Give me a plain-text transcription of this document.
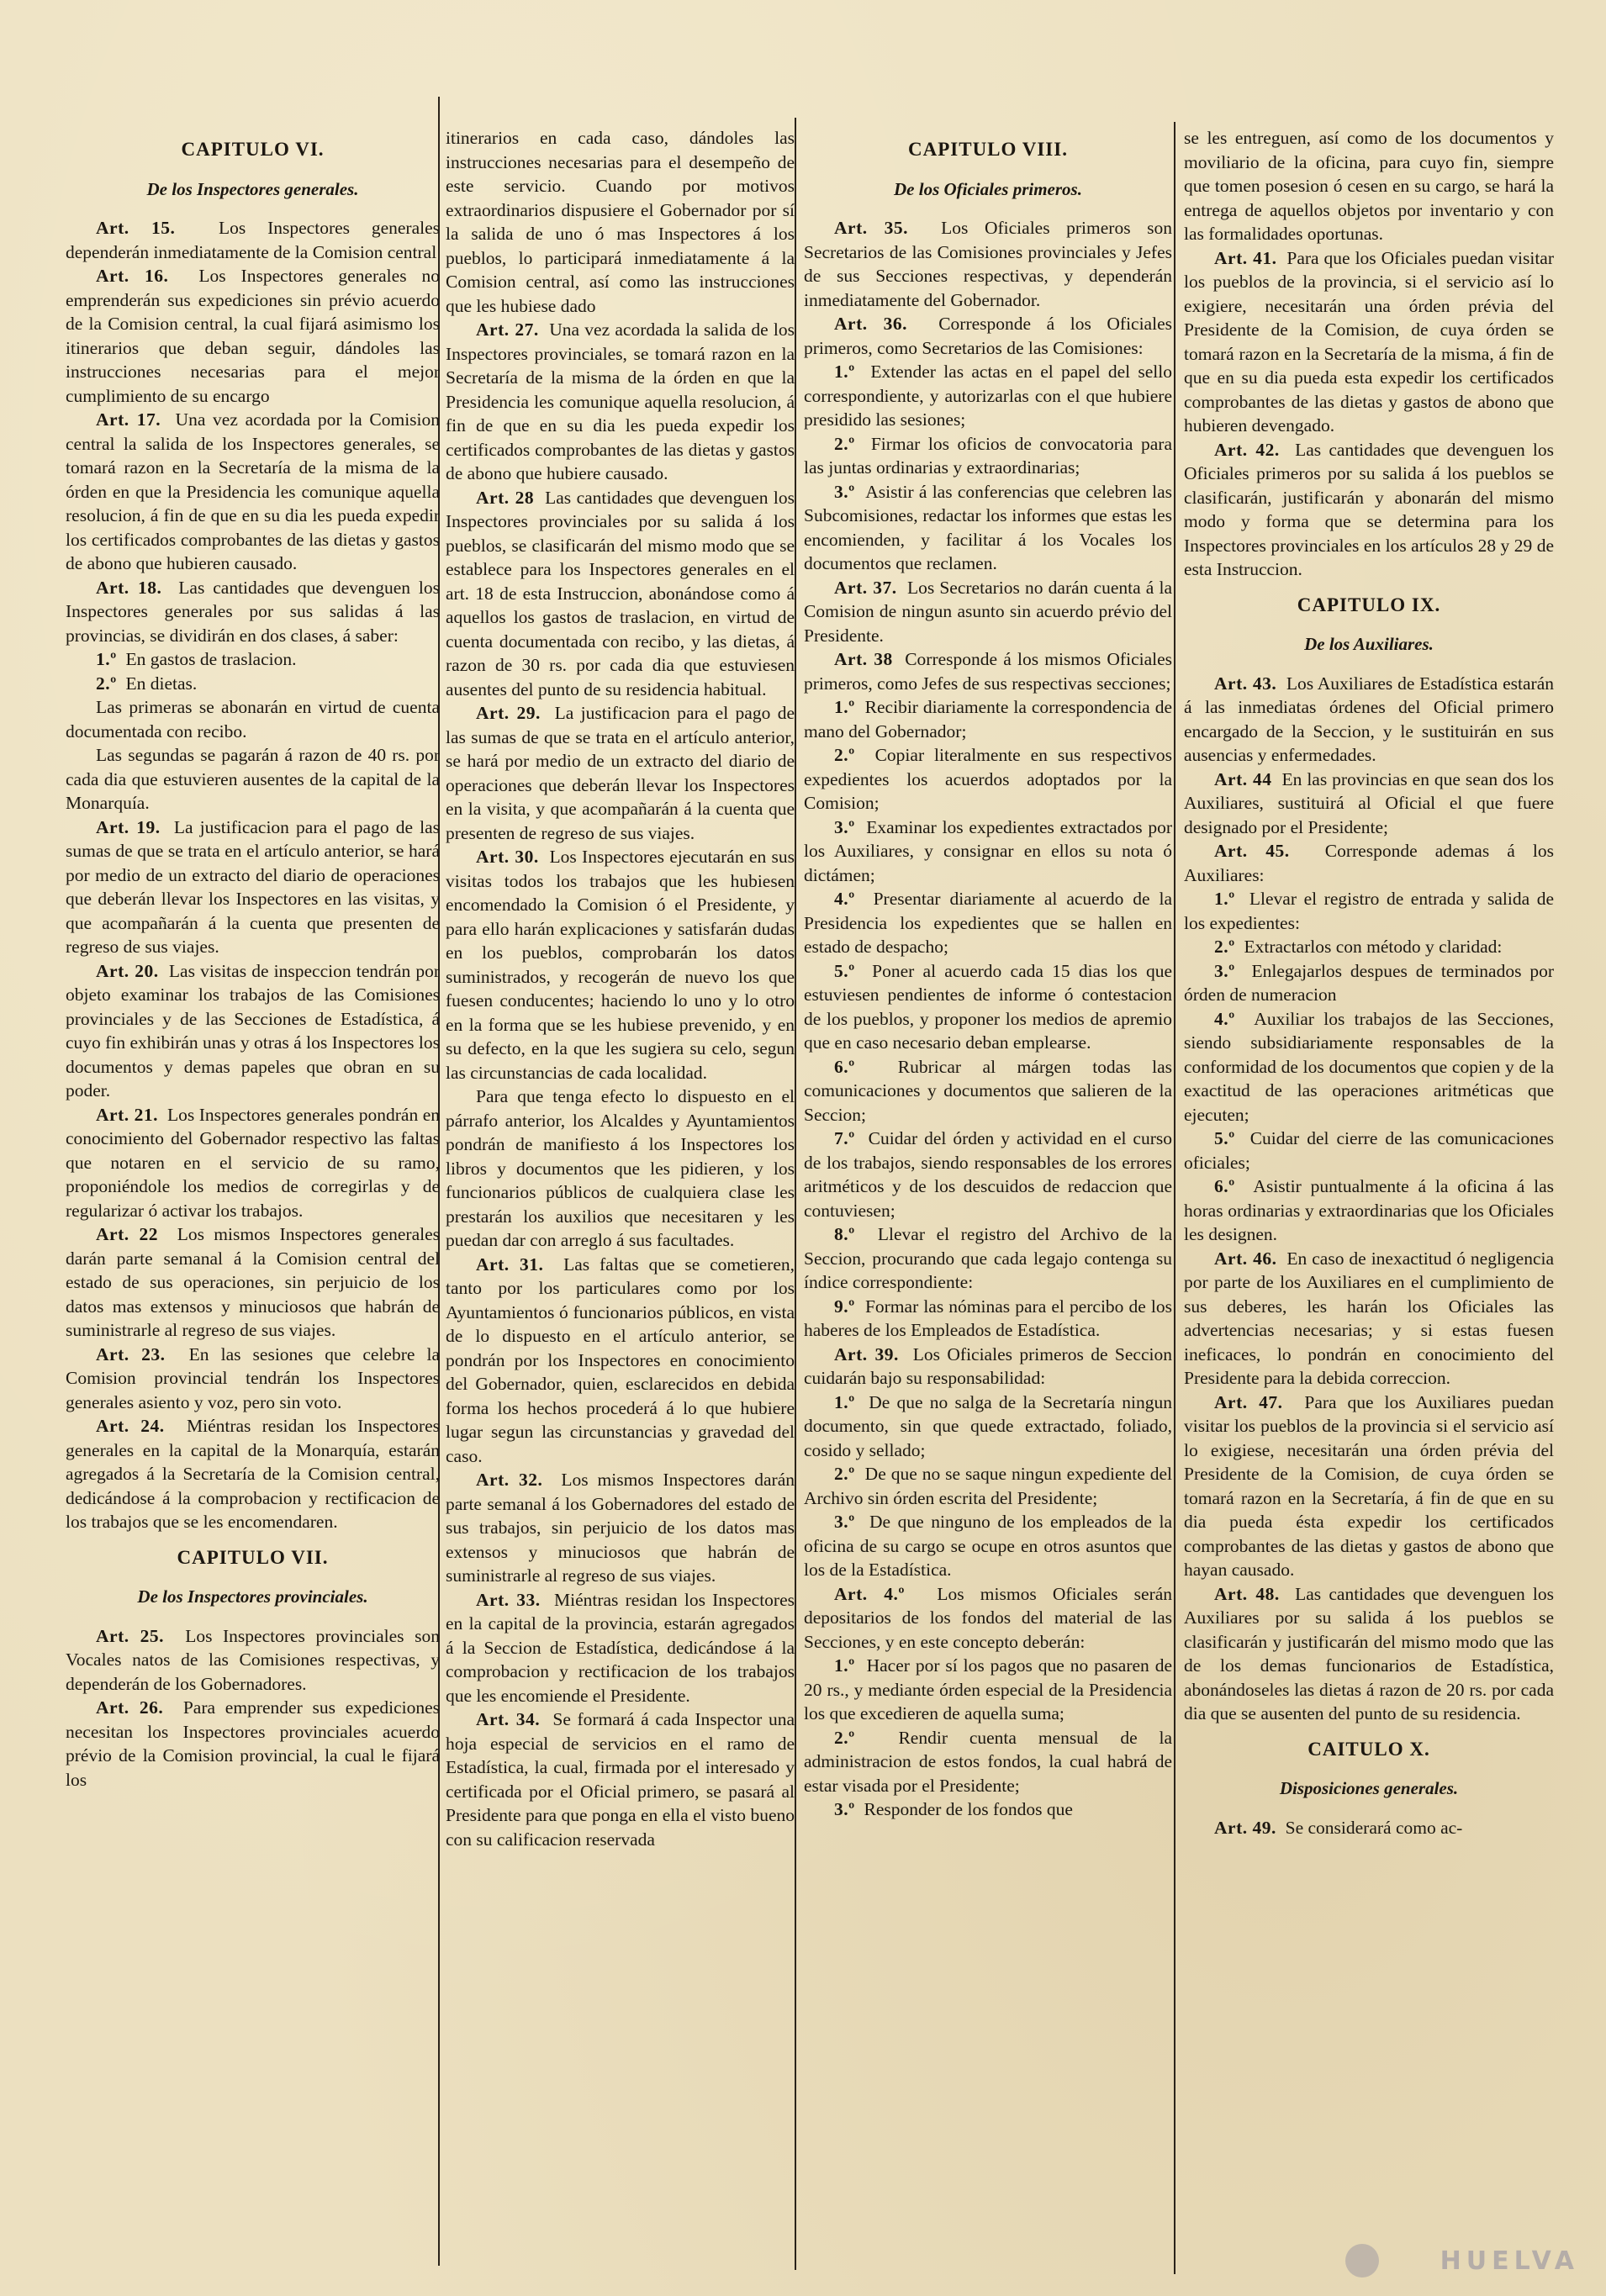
CAPITULO VI.
De los Inspectores generales.

Art. 15. Los Inspectores generales dependerán inmediatamente de la Comision central

Art. 16. Los Inspectores generales no emprenderán sus expediciones sin prévio acuerdo de la Comision central, la cual fijará asimismo los itinerarios que deban seguir, dándoles las instrucciones necesarias para el mejor cumplimiento de su encargo

Art. 17. Una vez acordada por la Comision central la salida de los Inspectores generales, se tomará razon en la Secretaría de la misma de la órden en que la Presidencia les comunique aquella resolucion, á fin de que en su dia les pueda expedir los certificados comprobantes de las dietas y gastos de abono que hubieren causado.

Art. 18. Las cantidades que devenguen los Inspectores generales por sus salidas á las provincias, se dividirán en dos clases, á saber:

1.º En gastos de traslacion.

2.º En dietas.

Las primeras se abonarán en virtud de cuenta documentada con recibo.

Las segundas se pagarán á razon de 40 rs. por cada dia que estuvieren ausentes de la capital de la Monarquía.

Art. 19. La justificacion para el pago de las sumas de que se trata en el artículo anterior, se hará por medio de un extracto del diario de operaciones que deberán llevar los Inspectores en las visitas, y que acompañarán á la cuenta que presenten de regreso de sus viajes.

Art. 20. Las visitas de inspeccion tendrán por objeto examinar los trabajos de las Comisiones provinciales y de las Secciones de Estadística, á cuyo fin exhibirán unas y otras á los Inspectores los documentos y demas papeles que obran en su poder.

Art. 21. Los Inspectores generales pondrán en conocimiento del Gobernador respectivo las faltas que notaren en el servicio de su ramo, proponiéndole los medios de corregirlas y de regularizar ó activar los trabajos.

Art. 22 Los mismos Inspectores generales darán parte semanal á la Comision central del estado de sus operaciones, sin perjuicio de los datos mas extensos y minuciosos que habrán de suministrarle al regreso de sus viajes.

Art. 23. En las sesiones que celebre la Comision provincial tendrán los Inspectores generales asiento y voz, pero sin voto.

Art. 24. Miéntras residan los Inspectores generales en la capital de la Monarquía, estarán agregados á la Secretaría de la Comision central, dedicándose á la comprobacion y rectificacion de los trabajos que se les encomendaren.

CAPITULO VII.
De los Inspectores provinciales.

Art. 25. Los Inspectores provinciales son Vocales natos de las Comisiones respectivas, y dependerán de los Gobernadores.

Art. 26. Para emprender sus expediciones necesitan los Inspectores provinciales acuerdo prévio de la Comision provincial, la cual le fijará los

itinerarios en cada caso, dándoles las instrucciones necesarias para el desempeño de este servicio. Cuando por motivos extraordinarios dispusiere el Gobernador por sí la salida de uno ó mas Inspectores á los pueblos, lo participará inmediatamente á la Comision central, así como las instrucciones que les hubiese dado

Art. 27. Una vez acordada la salida de los Inspectores provinciales, se tomará razon en la Secretaría de la misma de la órden en que la Presidencia les comunique aquella resolucion, á fin de que en su dia les pueda expedir los certificados comprobantes de las dietas y gastos de abono que hubiere causado.

Art. 28 Las cantidades que devenguen los Inspectores provinciales por su salida á los pueblos, se clasificarán del mismo modo que se establece para los Inspectores generales en el art. 18 de esta Instruccion, abonándose como á aquellos los gastos de traslacion, en virtud de cuenta documentada con recibo, y las dietas, á razon de 30 rs. por cada dia que estuviesen ausentes del punto de su residencia habitual.

Art. 29. La justificacion para el pago de las sumas de que se trata en el artículo anterior, se hará por medio de un extracto del diario de operaciones que deberán llevar los Inspectores en la visita, y que acompañarán á la cuenta que presenten de regreso de sus viajes.

Art. 30. Los Inspectores ejecutarán en sus visitas todos los trabajos que les hubiesen encomendado la Comision ó el Presidente, y para ello harán explicaciones y satisfarán dudas en los pueblos, comprobarán los datos suministrados, y recogerán de nuevo los que fuesen conducentes; haciendo lo uno y lo otro en la forma que se les hubiese prevenido, y en su defecto, en la que les sugiera su celo, segun las circunstancias de cada localidad.

Para que tenga efecto lo dispuesto en el párrafo anterior, los Alcaldes y Ayuntamientos pondrán de manifiesto á los Inspectores los libros y documentos que les pidieren, y los funcionarios públicos de cualquiera clase les prestarán los auxilios que necesitaren y les puedan dar con arreglo á sus facultades.

Art. 31. Las faltas que se cometieren, tanto por los particulares como por los Ayuntamientos ó funcionarios públicos, en vista de lo dispuesto en el artículo anterior, se pondrán por los Inspectores en conocimiento del Gobernador, quien, esclarecidos en debida forma los hechos procederá á lo que hubiere lugar segun las circunstancias y gravedad del caso.

Art. 32. Los mismos Inspectores darán parte semanal á los Gobernadores del estado de sus trabajos, sin perjuicio de los datos mas extensos y minuciosos que habrán de suministrarle al regreso de sus viajes.

Art. 33. Miéntras residan los Inspectores en la capital de la provincia, estarán agregados á la Seccion de Estadística, dedicándose á la comprobacion y rectificacion de los trabajos que les encomiende el Presidente.

Art. 34. Se formará á cada Inspector una hoja especial de servicios en el ramo de Estadística, la cual, firmada por el interesado y certificada por el Oficial primero, se pasará al Presidente para que ponga en ella el visto bueno con su calificacion reservada

CAPITULO VIII.
De los Oficiales primeros.

Art. 35. Los Oficiales primeros son Secretarios de las Comisiones provinciales y Jefes de sus Secciones respectivas, y dependerán inmediatamente del Gobernador.

Art. 36. Corresponde á los Oficiales primeros, como Secretarios de las Comisiones:

1.º Extender las actas en el papel del sello correspondiente, y autorizarlas con el que hubiere presidido las sesiones;

2.º Firmar los oficios de convocatoria para las juntas ordinarias y extraordinarias;

3.º Asistir á las conferencias que celebren las Subcomisiones, redactar los informes que estas les encomienden, y facilitar á los Vocales los documentos que reclamen.

Art. 37. Los Secretarios no darán cuenta á la Comision de ningun asunto sin acuerdo prévio del Presidente.

Art. 38 Corresponde á los mismos Oficiales primeros, como Jefes de sus respectivas secciones;

1.º Recibir diariamente la correspondencia de mano del Gobernador;

2.º Copiar literalmente en sus respectivos expedientes los acuerdos adoptados por la Comision;

3.º Examinar los expedientes extractados por los Auxiliares, y consignar en ellos su nota ó dictámen;

4.º Presentar diariamente al acuerdo de la Presidencia los expedientes que se hallen en estado de despacho;

5.º Poner al acuerdo cada 15 dias los que estuviesen pendientes de informe ó contestacion de los pueblos, y proponer los medios de apremio que en caso necesario deban emplearse.

6.º Rubricar al márgen todas las comunicaciones y documentos que salieren de la Seccion;

7.º Cuidar del órden y actividad en el curso de los trabajos, siendo responsables de los errores aritméticos y de los descuidos de redaccion que contuviesen;

8.º Llevar el registro del Archivo de la Seccion, procurando que cada legajo contenga su índice correspondiente:

9.º Formar las nóminas para el percibo de los haberes de los Empleados de Estadística.

Art. 39. Los Oficiales primeros de Seccion cuidarán bajo su responsabilidad:

1.º De que no salga de la Secretaría ningun documento, sin que quede extractado, foliado, cosido y sellado;

2.º De que no se saque ningun expediente del Archivo sin órden escrita del Presidente;

3.º De que ninguno de los empleados de la oficina de su cargo se ocupe en otros asuntos que los de la Estadística.

Art. 4.º Los mismos Oficiales serán depositarios de los fondos del material de las Secciones, y en este concepto deberán:

1.º Hacer por sí los pagos que no pasaren de 20 rs., y mediante órden especial de la Presidencia los que excedieren de aquella suma;

2.º Rendir cuenta mensual de la administracion de estos fondos, la cual habrá de estar visada por el Presidente;

3.º Responder de los fondos que

se les entreguen, así como de los documentos y moviliario de la oficina, para cuyo fin, siempre que tomen posesion ó cesen en su cargo, se hará la entrega de aquellos objetos por inventario y con las formalidades oportunas.

Art. 41. Para que los Oficiales puedan visitar los pueblos de la provincia, si el servicio así lo exigiere, necesitarán una órden prévia del Presidente de la Comision, de cuya órden se tomará razon en la Secretaría de la misma, á fin de que en su dia pueda esta expedir los certificados comprobantes de las dietas y gastos de abono que hubieren devengado.

Art. 42. Las cantidades que devenguen los Oficiales primeros por su salida á los pueblos se clasificarán, justificarán y abonarán del mismo modo y forma que se determina para los Inspectores provinciales en los artículos 28 y 29 de esta Instruccion.

CAPITULO IX.
De los Auxiliares.

Art. 43. Los Auxiliares de Estadística estarán á las inmediatas órdenes del Oficial primero encargado de la Seccion, y le sustituirán en sus ausencias y enfermedades.

Art. 44 En las provincias en que sean dos los Auxiliares, sustituirá al Oficial el que fuere designado por el Presidente;

Art. 45. Corresponde ademas á los Auxiliares:

1.º Llevar el registro de entrada y salida de los expedientes:

2.º Extractarlos con método y claridad:

3.º Enlegajarlos despues de terminados por órden de numeracion

4.º Auxiliar los trabajos de las Secciones, siendo subsidiariamente responsables de la conformidad de los documentos que copien y de la exactitud de las operaciones aritméticas que ejecuten;

5.º Cuidar del cierre de las comunicaciones oficiales;

6.º Asistir puntualmente á la oficina á las horas ordinarias y extraordinarias que los Oficiales les designen.

Art. 46. En caso de inexactitud ó negligencia por parte de los Auxiliares en el cumplimiento de sus deberes, les harán los Oficiales las advertencias necesarias; y si estas fuesen ineficaces, lo pondrán en conocimiento del Presidente para la debida correccion.

Art. 47. Para que los Auxiliares puedan visitar los pueblos de la provincia si el servicio así lo exigiese, necesitarán una órden prévia del Presidente de la Comision, de cuya órden se tomará razon en la Secretaría, á fin de que en su dia pueda ésta expedir los certificados comprobantes de las dietas y gastos de abono que hayan causado.

Art. 48. Las cantidades que devenguen los Auxiliares por su salida á los pueblos se clasificarán y justificarán del mismo modo que las de los demas funcionarios de Estadística, abonándoseles las dietas á razon de 20 rs. por cada dia que se ausenten del punto de su residencia.

CAITULO X.
Disposiciones generales.

Art. 49. Se considerará como ac-

HUELVA
